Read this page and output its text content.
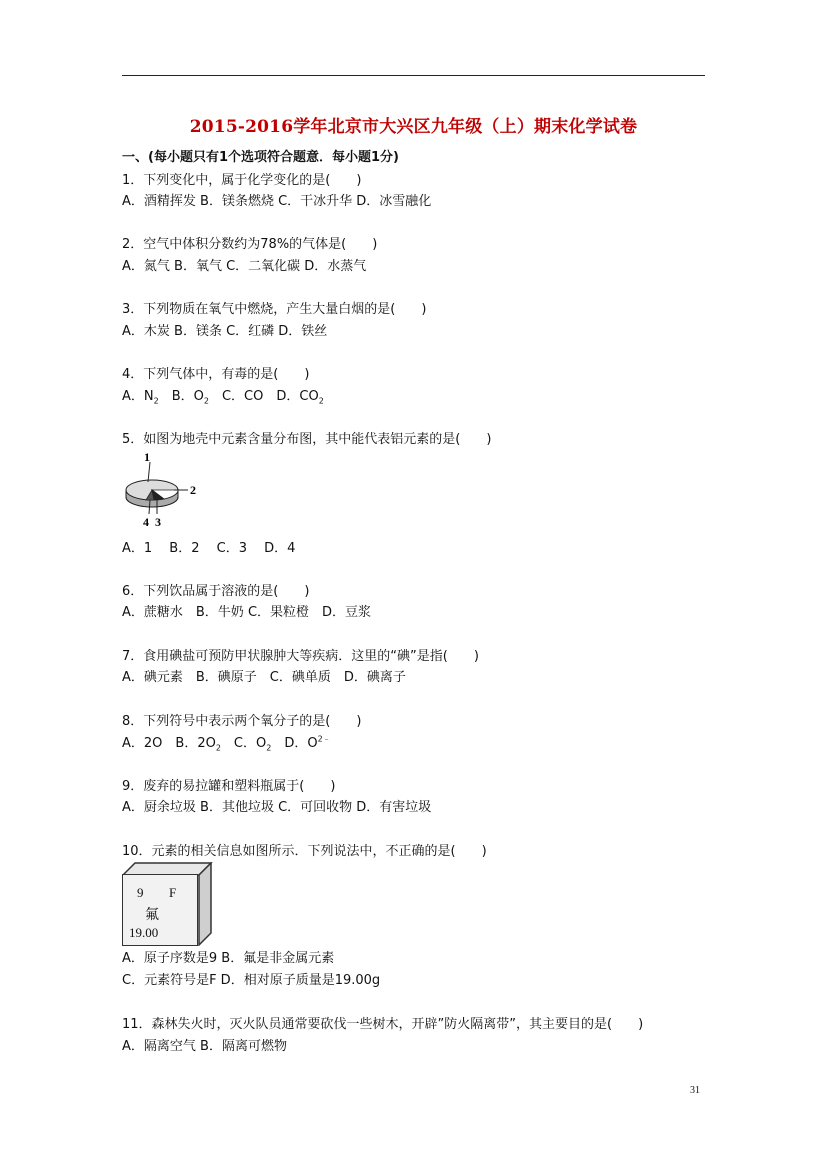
2015-2016学年北京市大兴区九年级（上）期末化学试卷
一、(每小题只有1个选项符合题意．每小题1分)
1．下列变化中，属于化学变化的是(　　)
A．酒精挥发 B．镁条燃烧 C．干冰升华 D．冰雪融化
2．空气中体积分数约为78%的气体是(　　)
A．氮气 B．氧气 C．二氧化碳 D．水蒸气
3．下列物质在氧气中燃烧，产生大量白烟的是(　　)
A．木炭 B．镁条 C．红磷 D．铁丝
4．下列气体中，有毒的是(　　)
A．$N_2$　B．$O_2$　C．CO　D．$CO_2$
5．如图为地壳中元素含量分布图，其中能代表铝元素的是(　　)
1
2
3
4
A．1　 B．2　 C．3　 D．4
6．下列饮品属于溶液的是(　　)
A．蔗糖水　B．牛奶 C．果粒橙　D．豆浆
7．食用碘盐可预防甲状腺肿大等疾病．这里的“碘”是指(　　)
A．碘元素　B．碘原子　C．碘单质　D．碘离子
8．下列符号中表示两个氧分子的是(　　)
A．2O　B．$2O_2$　C．$O_2$　D．$O^{2﹣}$
9．废弃的易拉罐和塑料瓶属于(　　)
A．厨余垃圾 B．其他垃圾 C．可回收物 D．有害垃圾
10．元素的相关信息如图所示．下列说法中，不正确的是(　　)
9 F
氟
19.00
A．原子序数是9 B．氟是非金属元素
C．元素符号是F D．相对原子质量是19.00g
11．森林失火时，灭火队员通常要砍伐一些树木，开辟”防火隔离带”，其主要目的是(　　)
A．隔离空气 B．隔离可燃物
31
